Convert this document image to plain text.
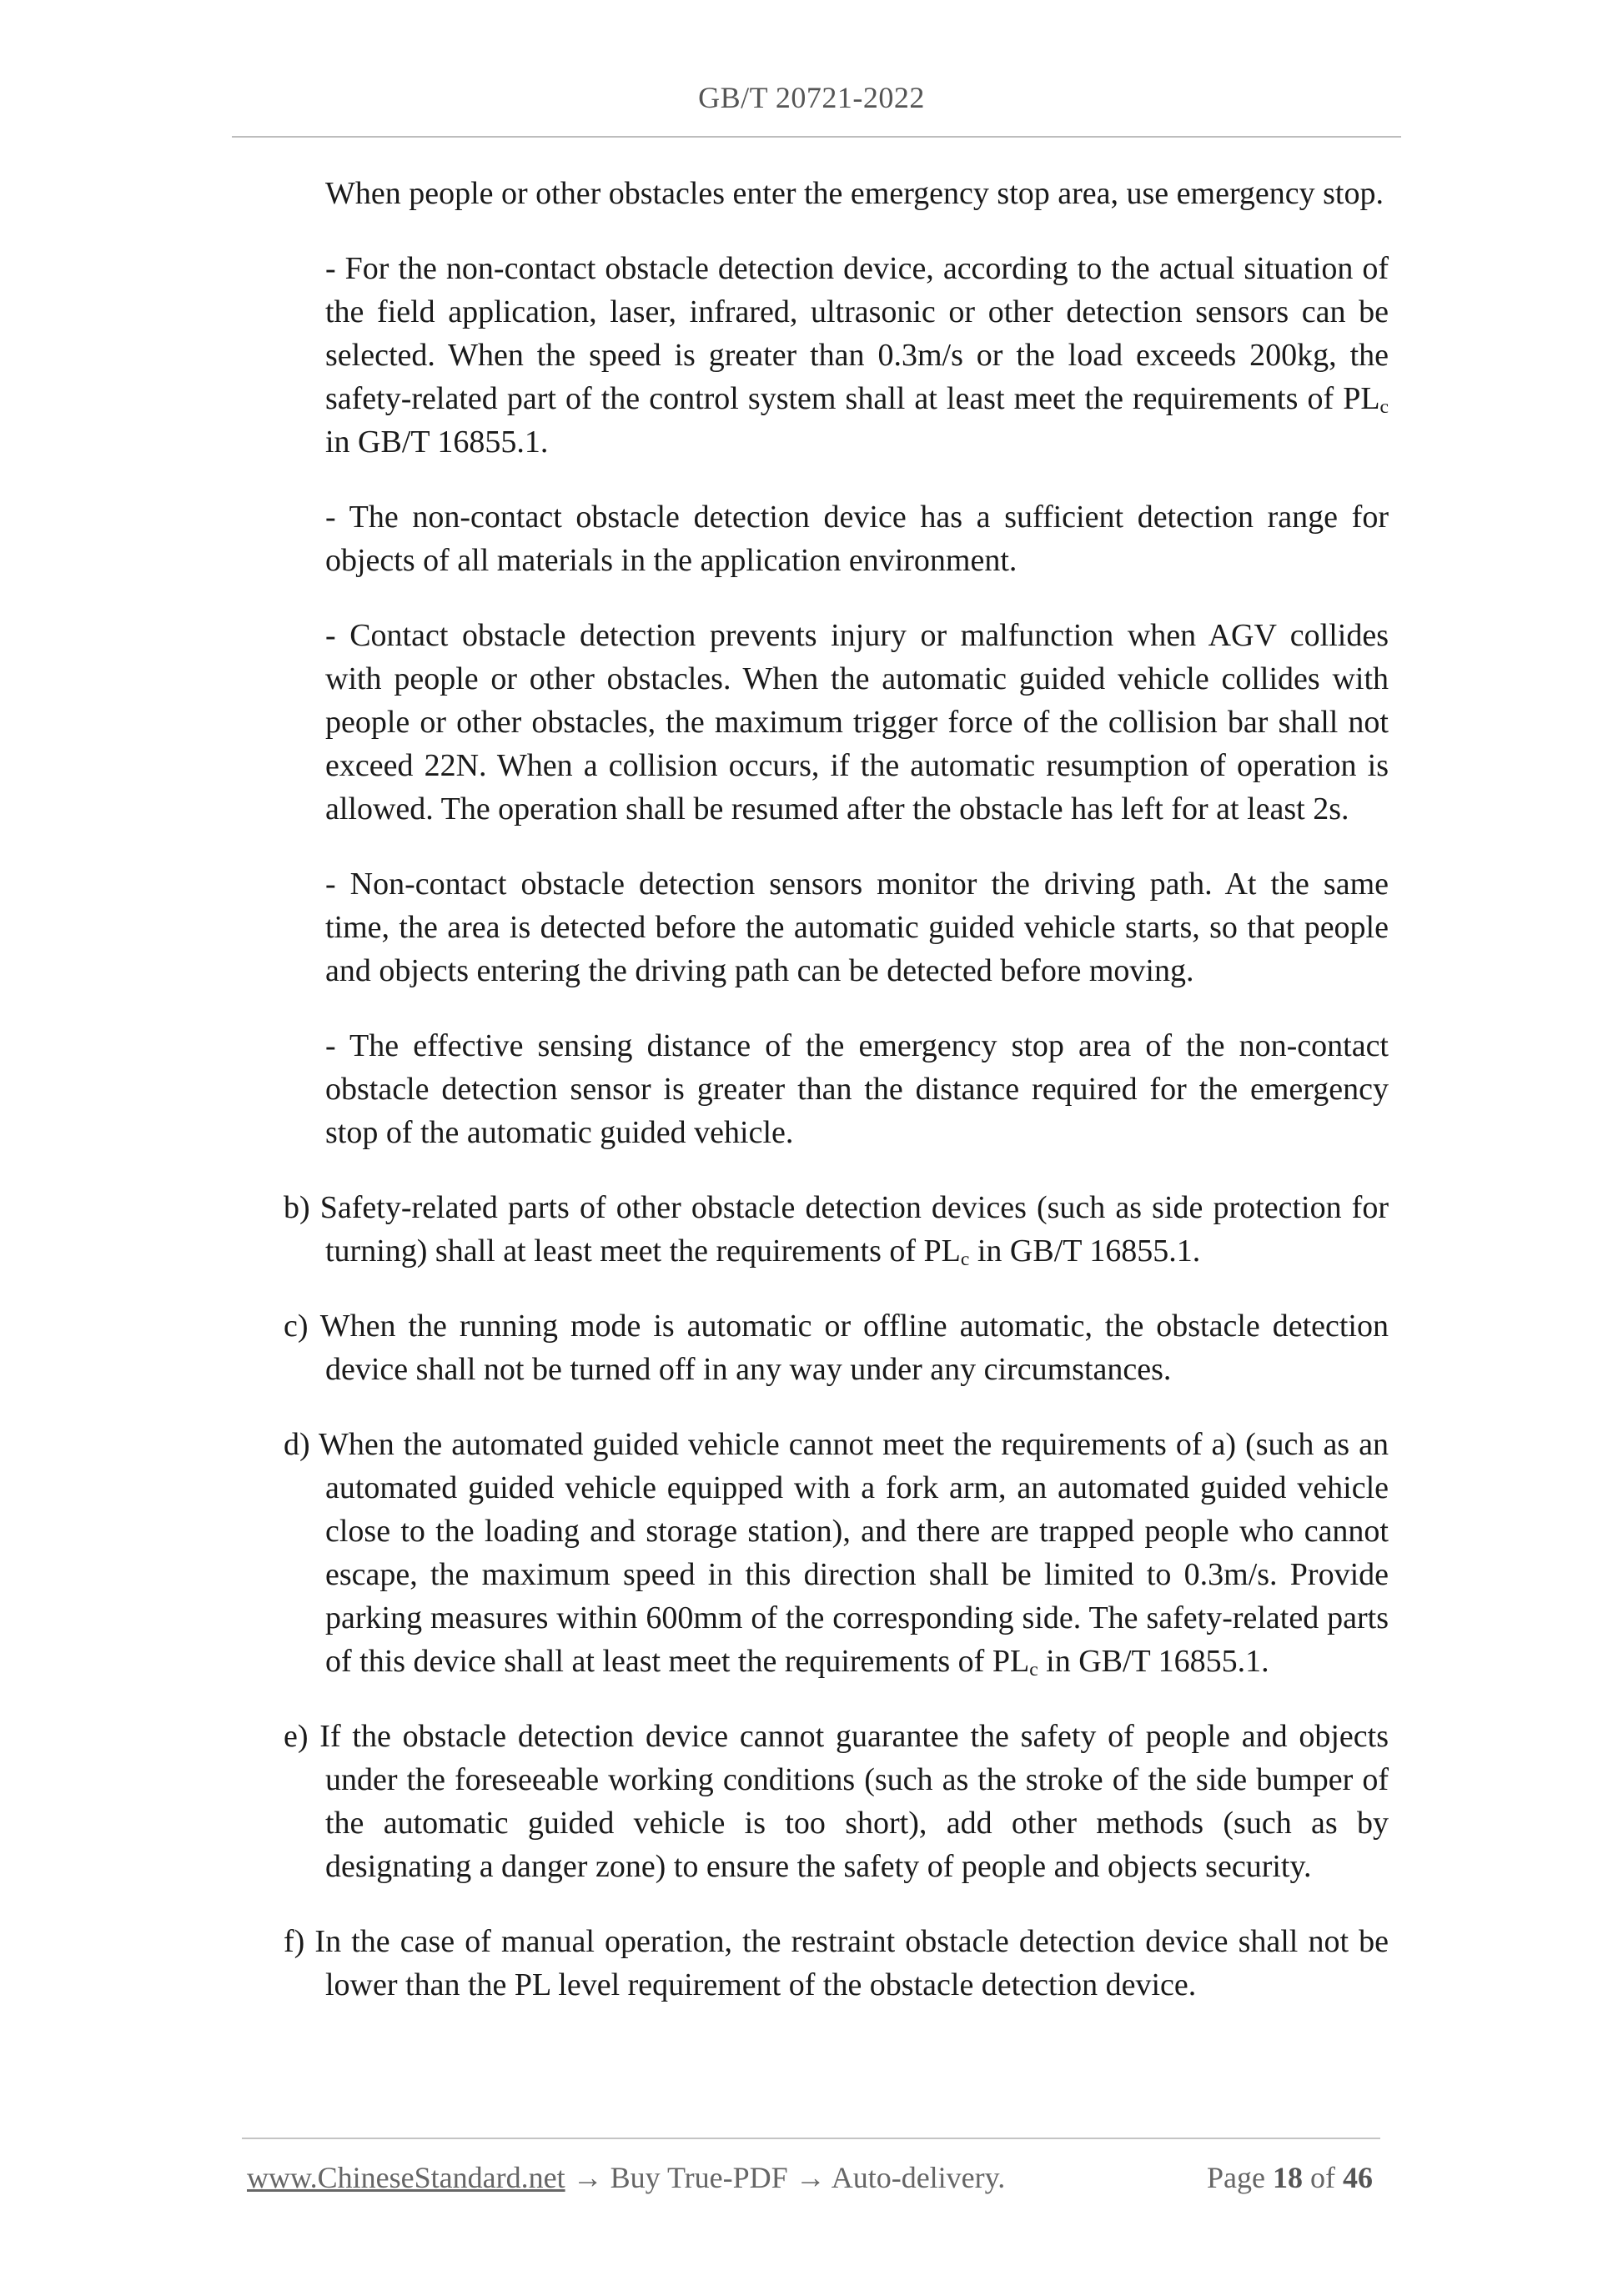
GB/T 20721-2022

When people or other obstacles enter the emergency stop area, use emergency stop.

- For the non-contact obstacle detection device, according to the actual situation of the field application, laser, infrared, ultrasonic or other detection sensors can be selected. When the speed is greater than 0.3m/s or the load exceeds 200kg, the safety-related part of the control system shall at least meet the requirements of $PL_c$ in GB/T 16855.1.

- The non-contact obstacle detection device has a sufficient detection range for objects of all materials in the application environment.

- Contact obstacle detection prevents injury or malfunction when AGV collides with people or other obstacles. When the automatic guided vehicle collides with people or other obstacles, the maximum trigger force of the collision bar shall not exceed 22N. When a collision occurs, if the automatic resumption of operation is allowed. The operation shall be resumed after the obstacle has left for at least 2s.

- Non-contact obstacle detection sensors monitor the driving path. At the same time, the area is detected before the automatic guided vehicle starts, so that people and objects entering the driving path can be detected before moving.

- The effective sensing distance of the emergency stop area of the non-contact obstacle detection sensor is greater than the distance required for the emergency stop of the automatic guided vehicle.

b) Safety-related parts of other obstacle detection devices (such as side protection for turning) shall at least meet the requirements of $PL_c$ in GB/T 16855.1.

c) When the running mode is automatic or offline automatic, the obstacle detection device shall not be turned off in any way under any circumstances.

d) When the automated guided vehicle cannot meet the requirements of a) (such as an automated guided vehicle equipped with a fork arm, an automated guided vehicle close to the loading and storage station), and there are trapped people who cannot escape, the maximum speed in this direction shall be limited to 0.3m/s. Provide parking measures within 600mm of the corresponding side. The safety-related parts of this device shall at least meet the requirements of $PL_c$ in GB/T 16855.1.

e) If the obstacle detection device cannot guarantee the safety of people and objects under the foreseeable working conditions (such as the stroke of the side bumper of the automatic guided vehicle is too short), add other methods (such as by designating a danger zone) to ensure the safety of people and objects security.

f) In the case of manual operation, the restraint obstacle detection device shall not be lower than the PL level requirement of the obstacle detection device.

www.ChineseStandard.net → Buy True-PDF → Auto-delivery.	Page 18 of 46
